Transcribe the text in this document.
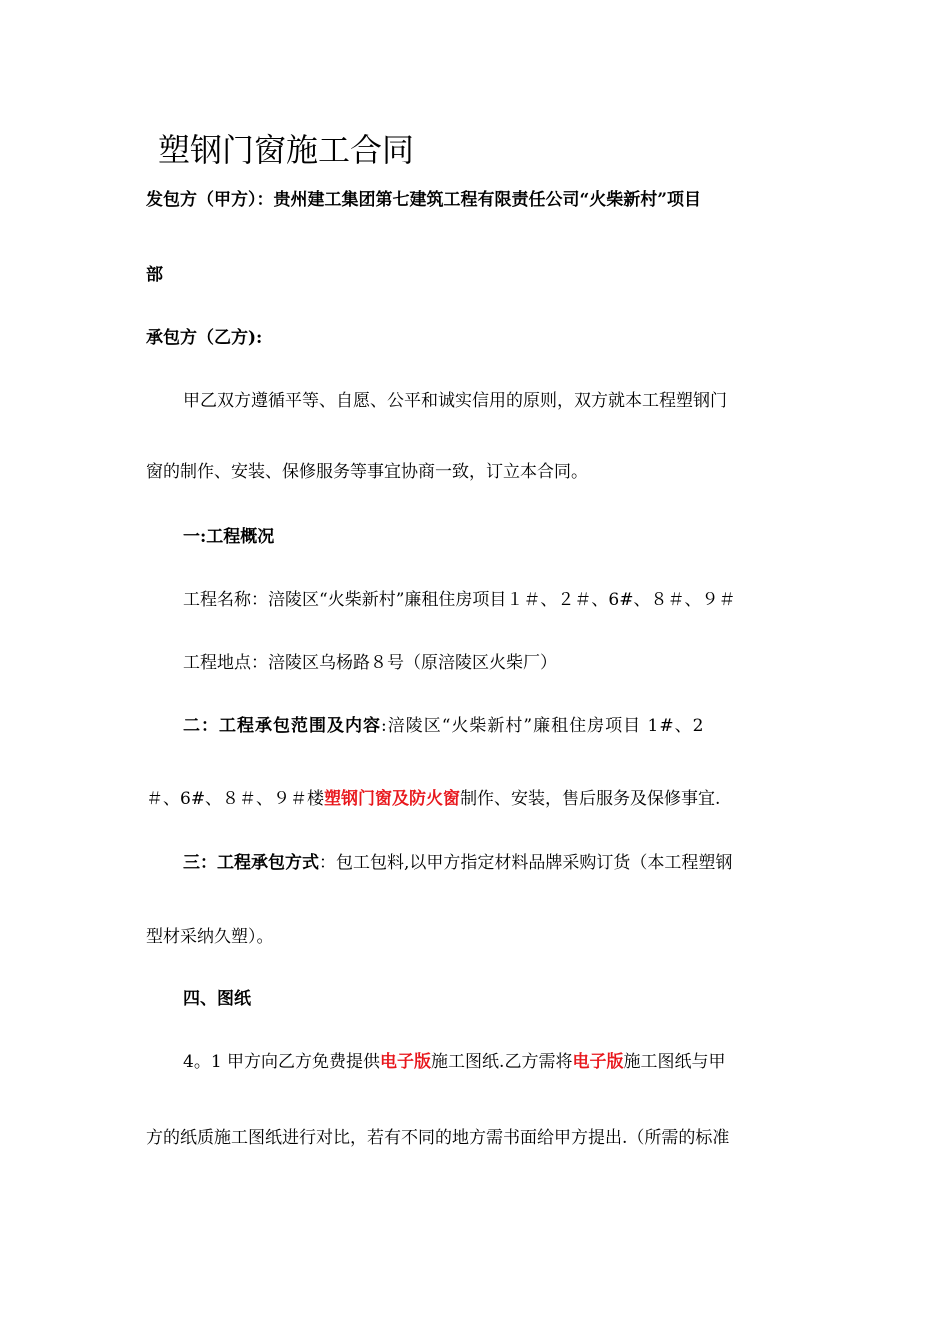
塑钢门窗施工合同
发包方（甲方）：贵州建工集团第七建筑工程有限责任公司“火柴新村”项目
部
承包方（乙方):
甲乙双方遵循平等、自愿、公平和诚实信用的原则，双方就本工程塑钢门
窗的制作、安装、保修服务等事宜协商一致，订立本合同。
一:工程概况
工程名称：涪陵区“火柴新村”廉租住房项目１＃、２＃、6#、８＃、９＃
工程地点：涪陵区乌杨路８号（原涪陵区火柴厂）
二：工程承包范围及内容:涪陵区“火柴新村”廉租住房项目 1#、2
＃、6#、８＃、９＃楼塑钢门窗及防火窗制作、安装，售后服务及保修事宜.
三：工程承包方式：包工包料,以甲方指定材料品牌采购订货（本工程塑钢
型材采纳久塑）。
四、图纸
4。1 甲方向乙方免费提供电子版施工图纸.乙方需将电子版施工图纸与甲
方的纸质施工图纸进行对比，若有不同的地方需书面给甲方提出.（所需的标准
